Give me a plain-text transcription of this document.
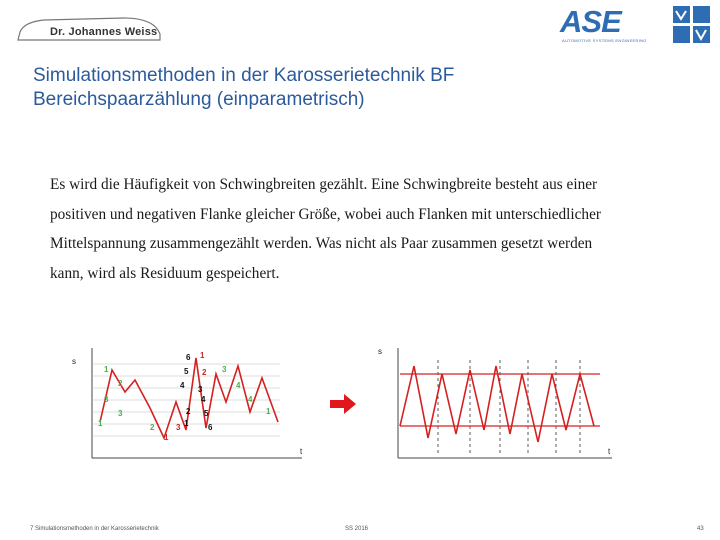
Dr. Johannes Weiss	ASE
AUTOMOTIVE SYSTEMS ENGINEERING
Simulationsmethoden in der Karosserietechnik BF
Bereichspaarzählung (einparametrisch)
Es wird die Häufigkeit von Schwingbreiten gezählt. Eine Schwingbreite besteht aus einer
positiven und negativen Flanke gleicher Größe, wobei auch Flanken mit unterschiedlicher
Mittelspannung zusammengezählt werden. Was nicht als Paar zusammen gesetzt werden
kann, wird als Residuum gespeichert.
s
t
6
5
4 3
4
2 5
1 6
1
2
3
1
1
2
3
3
1	2
3
4
4
1
s
t
7 Simulationsmethoden in der Karosserietechnik	SS 2016	43
